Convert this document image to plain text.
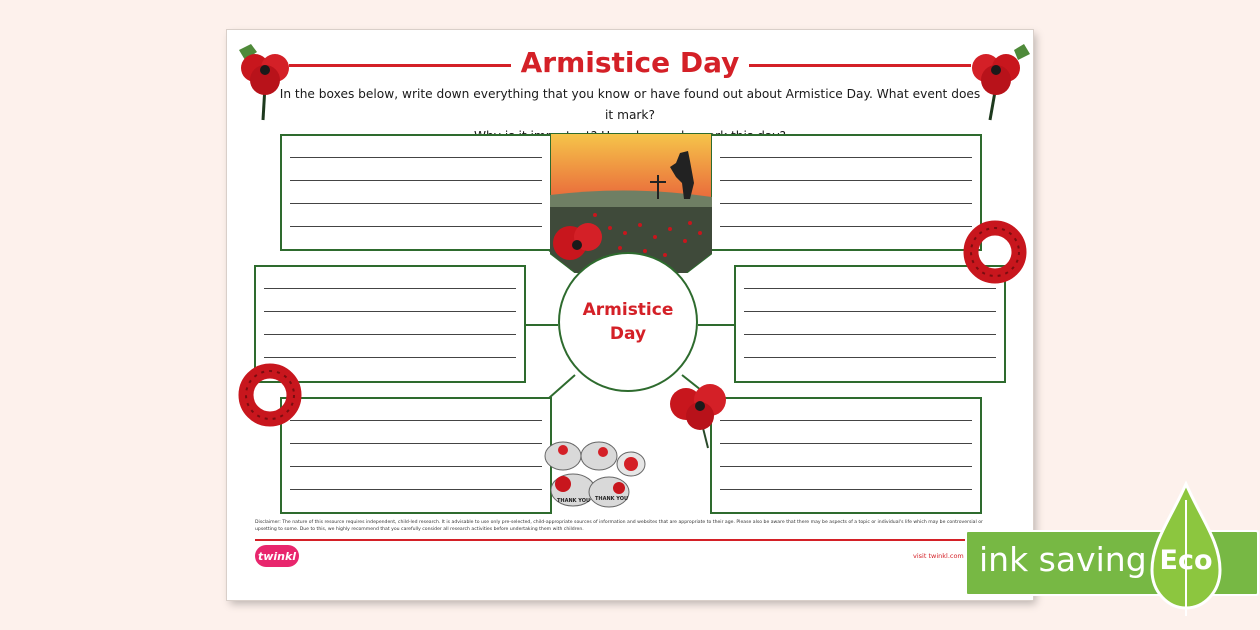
Armistice Day
In the boxes below, write down everything that you know or have found out about Armistice Day. What event does it mark?
Armistice
Day
THANK YOU THANK YOU
Disclaimer: The nature of this resource requires independent, child-led research. It is advisable to use only pre-selected, child-appropriate sources of information and websites that are appropriate to their age. Please also be aware that there may be aspects of a topic or individual's life which may be controversial or upsetting to some. Due to this, we highly recommend that you carefully consider all research activities before undertaking them with children.
twinkl	visit twinkl.com ink saving Eco
